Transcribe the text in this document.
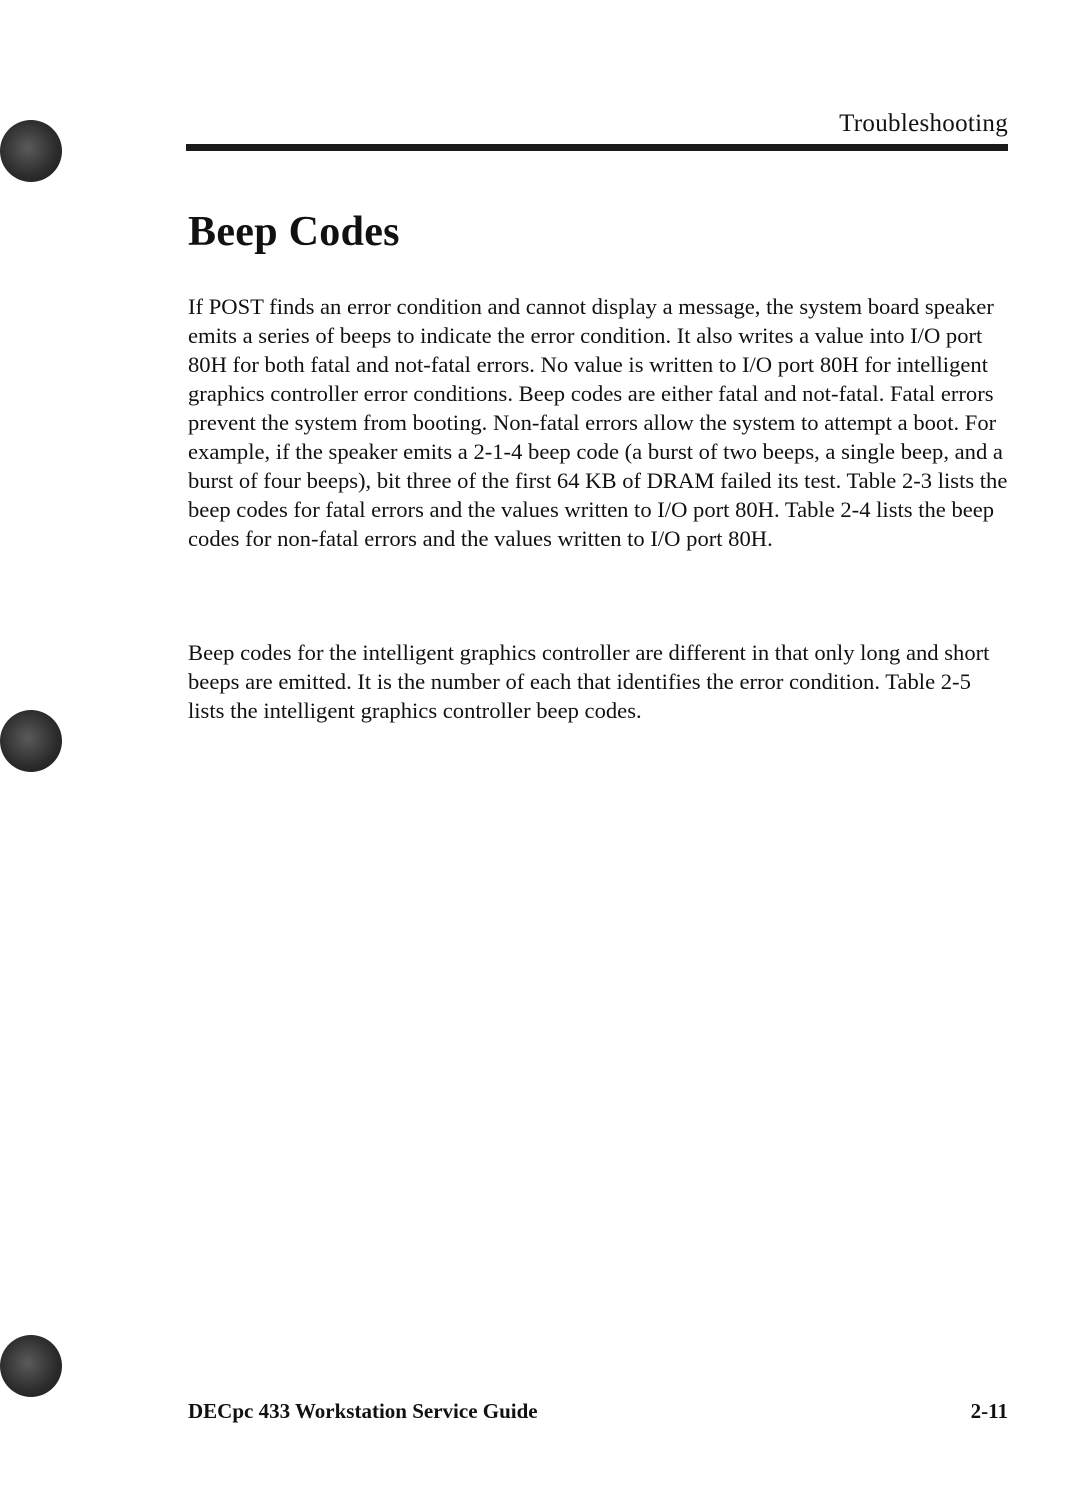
Troubleshooting
Beep Codes

If POST finds an error condition and cannot display a message, the system board speaker emits a series of beeps to indicate the error condition. It also writes a value into I/O port 80H for both fatal and not-fatal errors. No value is written to I/O port 80H for intelligent graphics controller error conditions. Beep codes are either fatal and not-fatal. Fatal errors prevent the system from booting. Non-fatal errors allow the system to attempt a boot. For example, if the speaker emits a 2-1-4 beep code (a burst of two beeps, a single beep, and a burst of four beeps), bit three of the first 64 KB of DRAM failed its test. Table 2-3 lists the beep codes for fatal errors and the values written to I/O port 80H. Table 2-4 lists the beep codes for non-fatal errors and the values written to I/O port 80H.

Beep codes for the intelligent graphics controller are different in that only long and short beeps are emitted. It is the number of each that identifies the error condition. Table 2-5 lists the intelligent graphics controller beep codes.

DECpc 433 Workstation Service Guide	2-11
